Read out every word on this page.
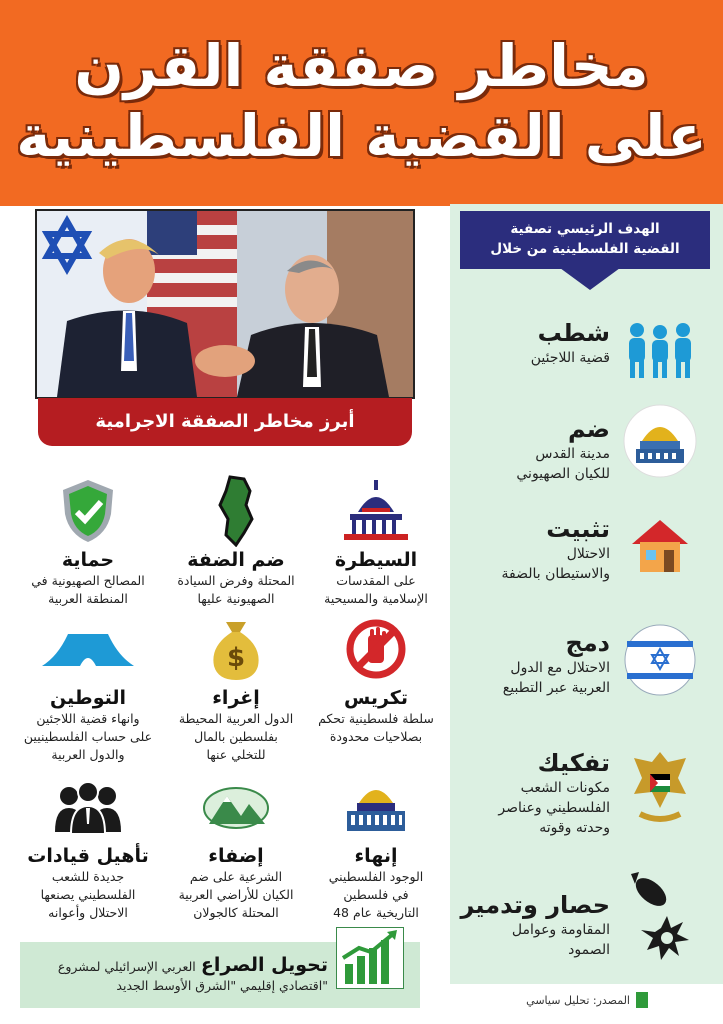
مخاطر صفقة القرن
على القضية الفلسطينية
الهدف الرئيسي تصفية
القضية الفلسطينية من خلال
شطب
قضية اللاجئين
ضم
مدينة القدس
للكيان الصهيوني
تثبيت
الاحتلال
والاستيطان بالضفة
دمج
الاحتلال مع الدول
العربية عبر التطبيع
تفكيك
مكونات الشعب
الفلسطيني وعناصر
وحدته وقوته
حصار وتدمير
المقاومة وعوامل
الصمود
أبرز مخاطر الصفقة الاجرامية
السيطرة
على المقدسات
الإسلامية والمسيحية
ضم الضفة
المحتلة وفرض السيادة
الصهيونية عليها
حماية
المصالح الصهيونية في
المنطقة العربية
تكريس
سلطة فلسطينية تحكم
بصلاحيات محدودة
$
إغراء
الدول العربية المحيطة
بفلسطين بالمال
للتخلي عنها
التوطين
وانهاء قضية اللاجئين
على حساب الفلسطينيين
والدول العربية
إنهاء
الوجود الفلسطيني
في فلسطين
التاريخية عام 48
إضفاء
الشرعية على ضم
الكيان للأراضي العربية
المحتلة كالجولان
تأهيل قيادات
جديدة للشعب
الفلسطيني يصنعها
الاحتلال وأعوانه
تحويل الصراع العربي الإسرائيلي لمشروع
"اقتصادي إقليمي "الشرق الأوسط الجديد
المصدر: تحليل سياسي
